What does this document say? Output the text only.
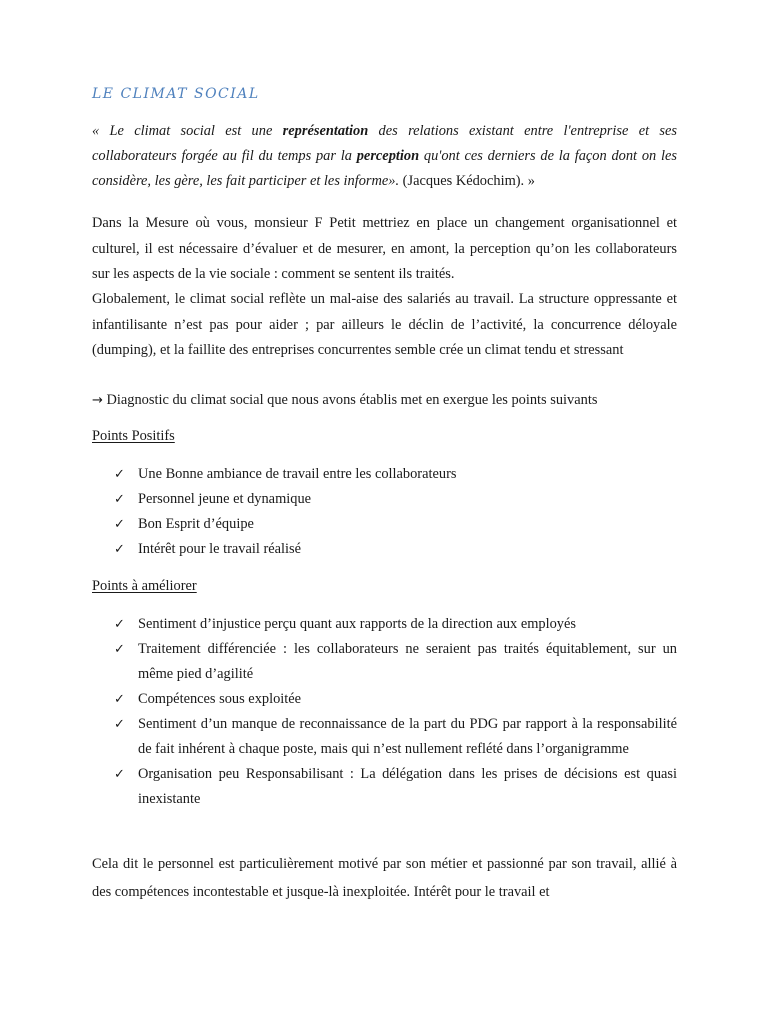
LE CLIMAT SOCIAL
« Le climat social est une représentation des relations existant entre l'entreprise et ses collaborateurs forgée au fil du temps par la perception qu'ont ces derniers de la façon dont on les considère, les gère, les fait participer et les informe». (Jacques Kédochim). »
Dans la Mesure où vous, monsieur F Petit mettriez en place un changement organisationnel et culturel, il est nécessaire d’évaluer et de mesurer, en amont, la perception qu’on les collaborateurs sur les aspects de la vie sociale : comment se sentent ils traités.
Globalement, le climat social reflète un mal-aise des salariés au travail. La structure oppressante et infantilisante n’est pas pour aider ; par ailleurs le déclin de l’activité, la concurrence déloyale (dumping), et la faillite des entreprises concurrentes semble crée un climat tendu et stressant
→ Diagnostic du climat social que nous avons établis met en exergue les points suivants
Points Positifs
✓ Une Bonne ambiance de travail entre les collaborateurs
✓ Personnel jeune et dynamique
✓ Bon Esprit d’équipe
✓ Intérêt pour le travail réalisé
Points à améliorer
✓ Sentiment d’injustice perçu quant aux rapports de la direction aux employés
✓ Traitement différenciée : les collaborateurs ne seraient pas traités équitablement, sur un même pied d’agilité
✓ Compétences sous exploitée
✓ Sentiment d’un manque de reconnaissance de la part du PDG par rapport à la responsabilité de fait inhérent à chaque poste, mais qui n’est nullement reflété dans l’organigramme
✓ Organisation peu Responsabilisant : La délégation dans les prises de décisions est quasi inexistante
Cela dit le personnel est particulièrement motivé par son métier et passionné par son travail, allié à des compétences incontestable et jusque-là inexploitée. Intérêt pour le travail et
